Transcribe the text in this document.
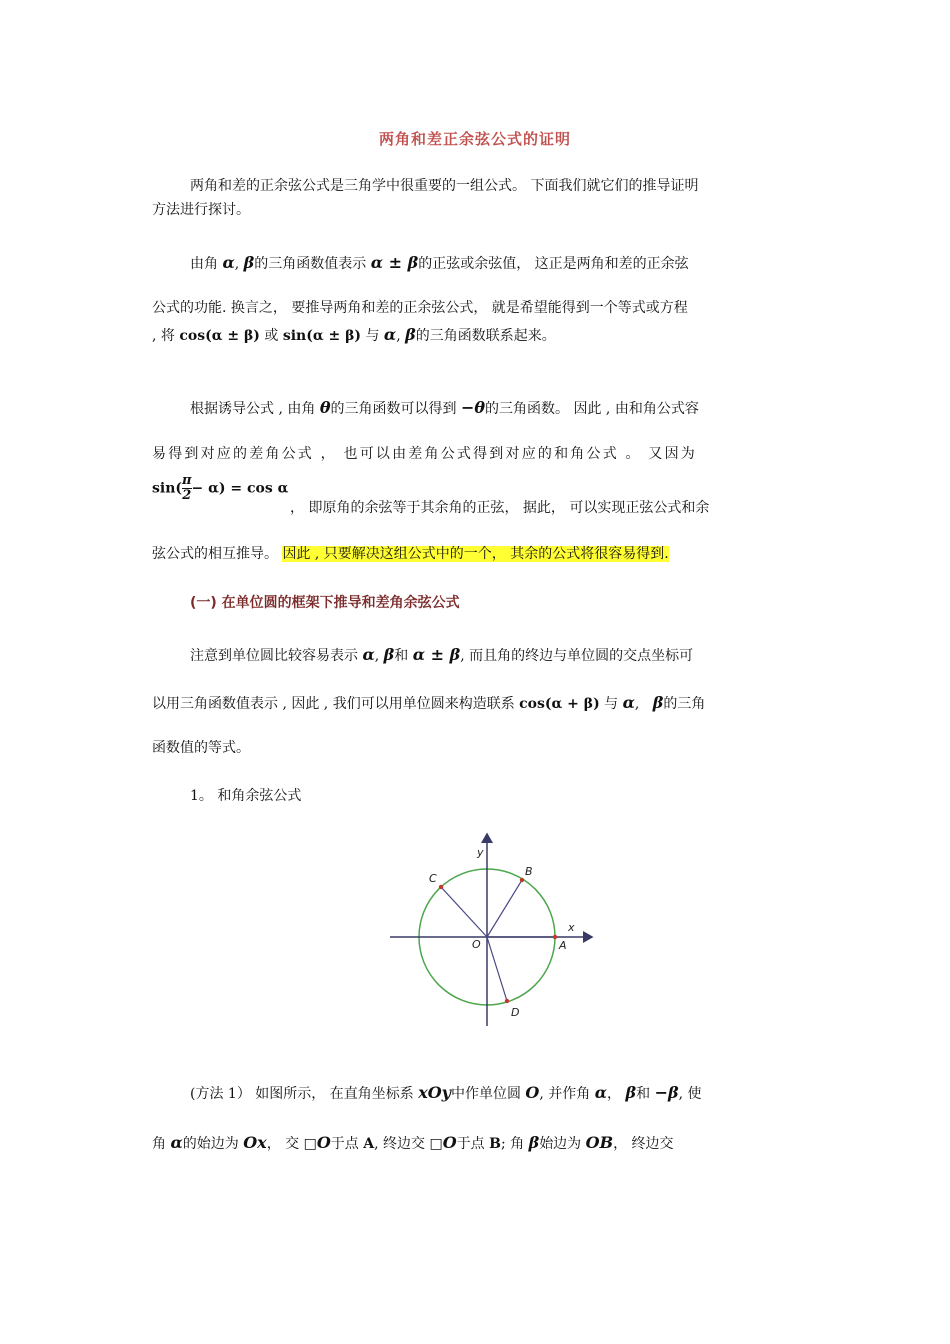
两角和差正余弦公式的证明
两角和差的正余弦公式是三角学中很重要的一组公式。 下面我们就它们的推导证明
方法进行探讨。
由角 α, β的三角函数值表示 α ± β的正弦或余弦值， 这正是两角和差的正余弦
公式的功能. 换言之， 要推导两角和差的正余弦公式， 就是希望能得到一个等式或方程
, 将 cos(α ± β) 或 sin(α ± β) 与 α, β的三角函数联系起来。
根据诱导公式 , 由角 θ的三角函数可以得到 −θ的三角函数。 因此 , 由和角公式容
易得到对应的差角公式 ， 也可以由差角公式得到对应的和角公式 。 又因为
$\sin( \frac{\pi}{2} - \alpha) = \cos \alpha$
， 即原角的余弦等于其余角的正弦， 据此， 可以实现正弦公式和余
弦公式的相互推导。 因此 , 只要解决这组公式中的一个， 其余的公式将很容易得到.
(一) 在单位圆的框架下推导和差角余弦公式
注意到单位圆比较容易表示 α, β和 α ± β, 而且角的终边与单位圆的交点坐标可
以用三角函数值表示 , 因此 , 我们可以用单位圆来构造联系 cos(α + β) 与 α, β的三角
函数值的等式。
1。 和角余弦公式
y
x
O	A
B
C
D
(方法 1） 如图所示， 在直角坐标系 xOy中作单位圆 O, 并作角 α， β和 −β, 使
角 α的始边为 Ox， 交 □O于点 A, 终边交 □O于点 B; 角 β始边为 OB， 终边交
